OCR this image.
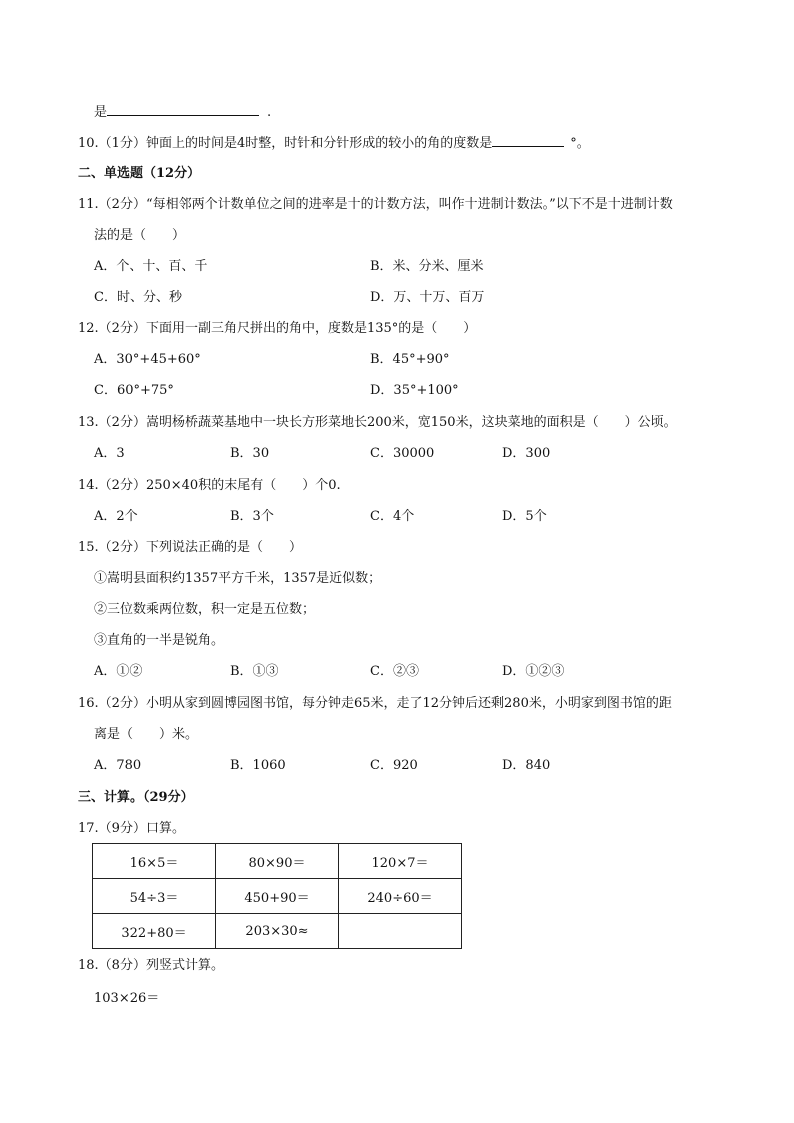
是	.
10.（1分）钟面上的时间是4时整，时针和分针形成的较小的角的度数是	°。
二、单选题（12分）
11.（2分）“每相邻两个计数单位之间的进率是十的计数方法，叫作十进制计数法。”以下不是十进制计数
法的是（　　）
A．个、十、百、千	B．米、分米、厘米
C．时、分、秒	D．万、十万、百万
12.（2分）下面用一副三角尺拼出的角中，度数是135°的是（　　）
A．30°+45+60°	B．45°+90°
C．60°+75°	D．35°+100°
13.（2分）嵩明杨桥蔬菜基地中一块长方形菜地长200米，宽150米，这块菜地的面积是（　　）公顷。
A．3	B．30	C．30000	D．300
14.（2分）250×40积的末尾有（　　）个0.
A．2个	B．3个	C．4个	D．5个
15.（2分）下列说法正确的是（　　）
①嵩明县面积约1357平方千米，1357是近似数；
②三位数乘两位数，积一定是五位数；
③直角的一半是锐角。
A．①②	B．①③	C．②③	D．①②③
16.（2分）小明从家到圆博园图书馆，每分钟走65米，走了12分钟后还剩280米，小明家到图书馆的距
离是（　　）米。
A．780	B．1060	C．920	D．840
三、计算。（29分）
17.（9分）口算。
16×5＝	80×90＝	120×7＝
54÷3＝	450+90＝	240÷60＝
322+80＝	203×30≈	
18.（8分）列竖式计算。
103×26＝
